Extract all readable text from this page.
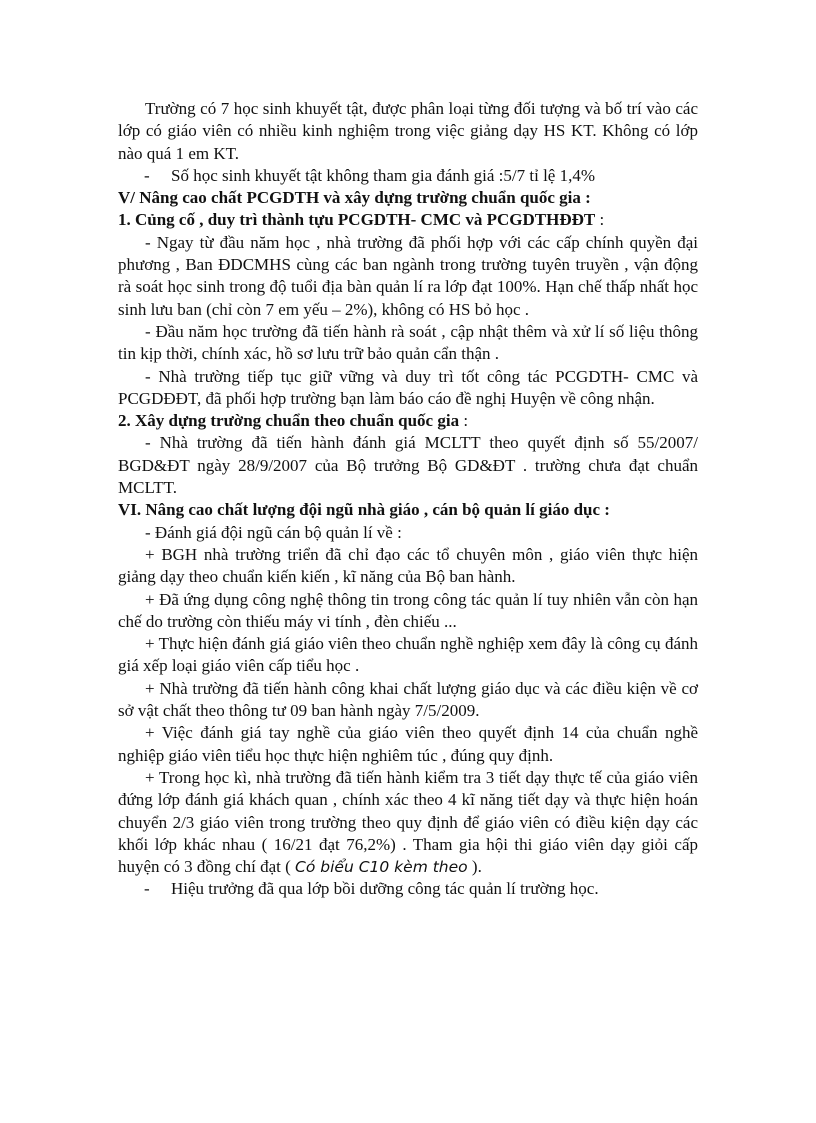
Trường có 7 học sinh khuyết tật, được phân loại từng đối tượng và bố trí vào các lớp có giáo viên có nhiều kinh nghiệm trong việc giảng dạy HS KT. Không có lớp nào quá 1 em KT.

-	Số học sinh khuyết tật không tham gia đánh giá :5/7 tỉ lệ 1,4%

V/ Nâng cao chất PCGDTH và xây dựng trường chuẩn quốc gia :

1. Củng cố , duy trì thành tựu PCGDTH- CMC và PCGDTHĐĐT :

- Ngay từ đầu năm học , nhà trường đã phối hợp với các cấp chính quyền đại phương , Ban ĐDCMHS cùng các ban ngành trong trường tuyên truyền , vận động rà soát học sinh trong độ tuổi địa bàn quản lí ra lớp đạt 100%. Hạn chế thấp nhất học sinh lưu ban (chỉ còn 7 em yếu – 2%), không có HS bỏ học .

- Đầu năm học trường đã tiến hành rà soát , cập nhật thêm và xử lí số liệu thông tin kịp thời, chính xác, hồ sơ lưu trữ bảo quản cẩn thận .

- Nhà trường tiếp tục giữ vững và duy trì tốt công tác PCGDTH- CMC và PCGDĐĐT, đã phối hợp trường bạn làm báo cáo đề nghị Huyện về công nhận.

2. Xây dựng trường chuẩn theo chuẩn quốc gia :

- Nhà trường đã tiến hành đánh giá MCLTT theo quyết định số 55/2007/ BGD&ĐT ngày 28/9/2007 của Bộ trưởng Bộ GD&ĐT . trường chưa đạt chuẩn MCLTT.

VI. Nâng cao chất lượng đội ngũ nhà giáo , cán bộ quản lí giáo dục :

- Đánh giá đội ngũ cán bộ quản lí về :

+ BGH nhà trường triển đã chỉ đạo các tổ chuyên môn , giáo viên thực hiện giảng dạy theo chuẩn kiến kiến , kĩ năng của Bộ ban hành.

+ Đã ứng dụng công nghệ thông tin trong công tác quản lí tuy nhiên vẫn còn hạn chế do trường còn thiếu máy vi tính , đèn chiếu ...

+ Thực hiện đánh giá giáo viên theo chuẩn nghề nghiệp xem đây là công cụ đánh giá xếp loại giáo viên cấp tiểu học .

+ Nhà trường đã tiến hành công khai chất lượng giáo dục và các điều kiện về cơ sở vật chất theo thông tư 09 ban hành ngày 7/5/2009.

+ Việc đánh giá tay nghề của giáo viên theo quyết định 14 của chuẩn nghề nghiệp giáo viên tiểu học thực hiện nghiêm túc , đúng quy định.

+ Trong học kì, nhà trường đã tiến hành kiểm tra 3 tiết dạy thực tế của giáo viên đứng lớp đánh giá khách quan , chính xác theo 4 kĩ năng tiết dạy và thực hiện hoán chuyển 2/3 giáo viên trong trường theo quy định để giáo viên có điều kiện dạy các khối lớp khác nhau ( 16/21 đạt 76,2%) . Tham gia hội thi giáo viên dạy giỏi cấp huyện có 3 đồng chí đạt ( Có biểu C10 kèm theo ).

-	Hiệu trưởng đã qua lớp bồi dưỡng công tác quản lí trường học.
